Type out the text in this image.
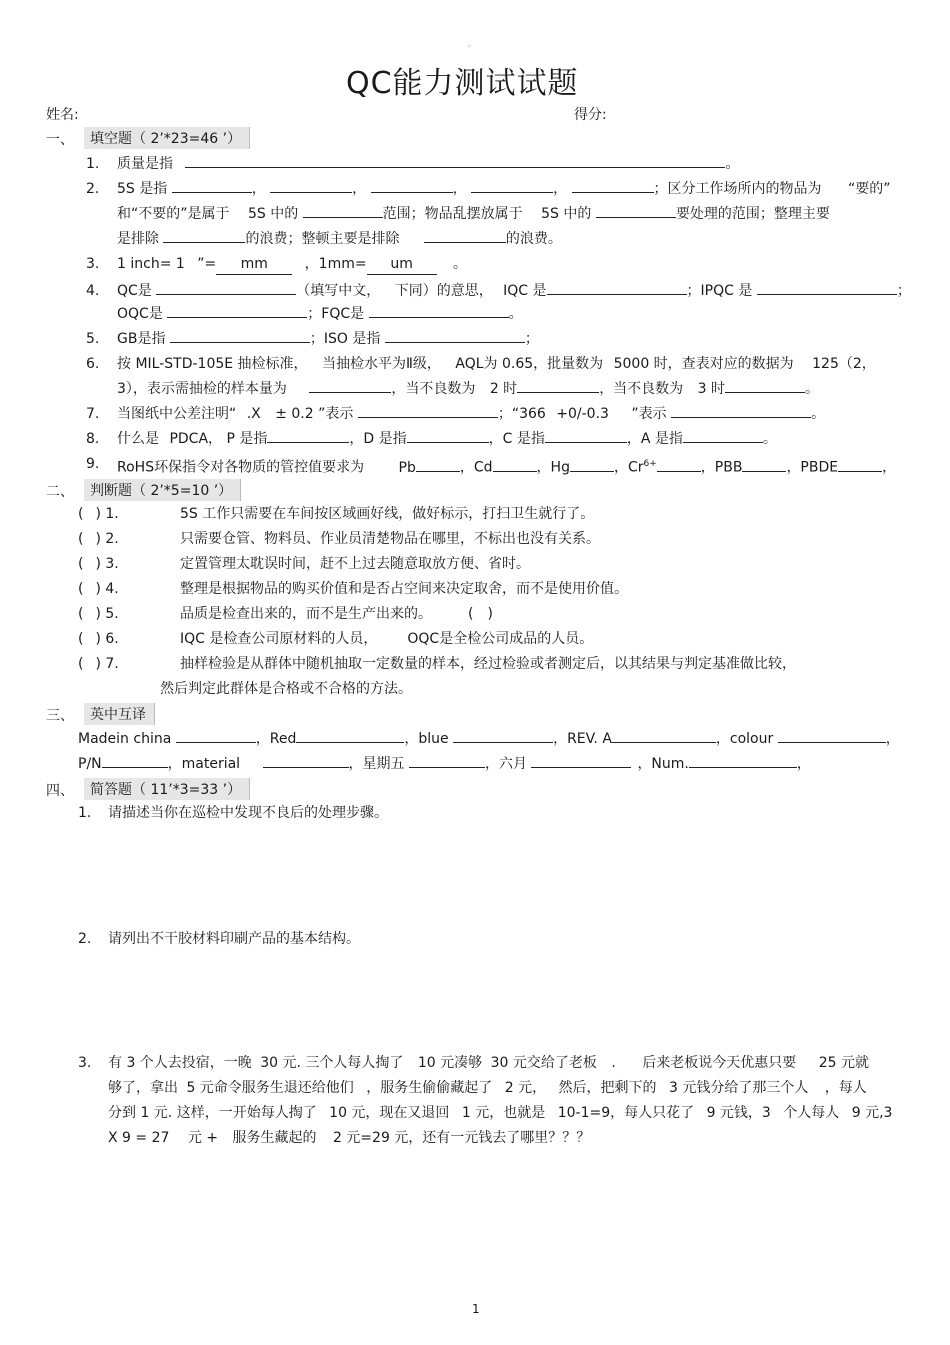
。
QC能力测试试题
姓名:	得分:
一、	填空题（ 2’*23=46 ’）
1. 质量是指	。
2. 5S 是指	，	，	，	，	；区分工作场所内的物品为 “要的”
和“不要的”是属于 5S 中的	范围；物品乱摆放属于 5S 中的	要处理的范围；整理主要
是排除	的浪费；整顿主要是排除	的浪费。
3. 1 inch= 1 ”= mm	，1mm= um	。
4. QC是	（填写中文， 下同）的意思， IQC 是	；IPQC 是	；
OQC是	；FQC是	。
5. GB是指	；ISO 是指	；
6. 按 MIL-STD-105E 抽检标准， 当抽检水平为Ⅱ级， AQL为 0.65，批量数为 5000 时，查表对应的数据为 125（2，
3），表示需抽检的样本量为	，当不良数为 2 时	，当不良数为 3 时	。
7. 当图纸中公差注明“ .X ± 0.2 ”表示	；“366 +0/-0.3 ”表示	。
8. 什么是 PDCA， P 是指	，D 是指	，C 是指	，A 是指	。
9. RoHS环保指令对各物质的管控值要求为 Pb	，Cd	，Hg	，$Cr^{6+}$	，PBB	，PBDE	，
二、	判断题（ 2’*5=10 ’）
( ) 1.	5S 工作只需要在车间按区域画好线，做好标示，打扫卫生就行了。
( ) 2.	只需要仓管、物料员、作业员清楚物品在哪里，不标出也没有关系。
( ) 3.	定置管理太耽误时间，赶不上过去随意取放方便、省时。
( ) 4.	整理是根据物品的购买价值和是否占空间来决定取舍，而不是使用价值。
( ) 5.	品质是检查出来的，而不是生产出来的。	(　)
( ) 6.	IQC 是检查公司原材料的人员， OQC是全检公司成品的人员。
( ) 7.	抽样检验是从群体中随机抽取一定数量的样本，经过检验或者测定后，以其结果与判定基准做比较，
然后判定此群体是合格或不合格的方法。
三、	英中互译
Madein china	，Red	，blue	，REV. A	，colour	，
P/N	，material	，星期五	，六月	，Num.	，
四、	简答题（ 11’*3=33 ’）
1. 请描述当你在巡检中发现不良后的处理步骤。
2. 请列出不干胶材料印刷产品的基本结构。
3. 有 3 个人去投宿，一晚 30 元. 三个人每人掏了 10 元凑够 30 元交给了老板 . 后来老板说今天优惠只要 25 元就
够了，拿出 5 元命令服务生退还给他们 ，服务生偷偷藏起了 2 元， 然后，把剩下的 3 元钱分给了那三个人 ，每人
分到 1 元. 这样，一开始每人掏了 10 元，现在又退回 1 元，也就是 10-1=9，每人只花了 9 元钱，3 个人每人 9 元,3
X 9 = 27 元 + 服务生藏起的 2 元=29 元，还有一元钱去了哪里？？？
1
